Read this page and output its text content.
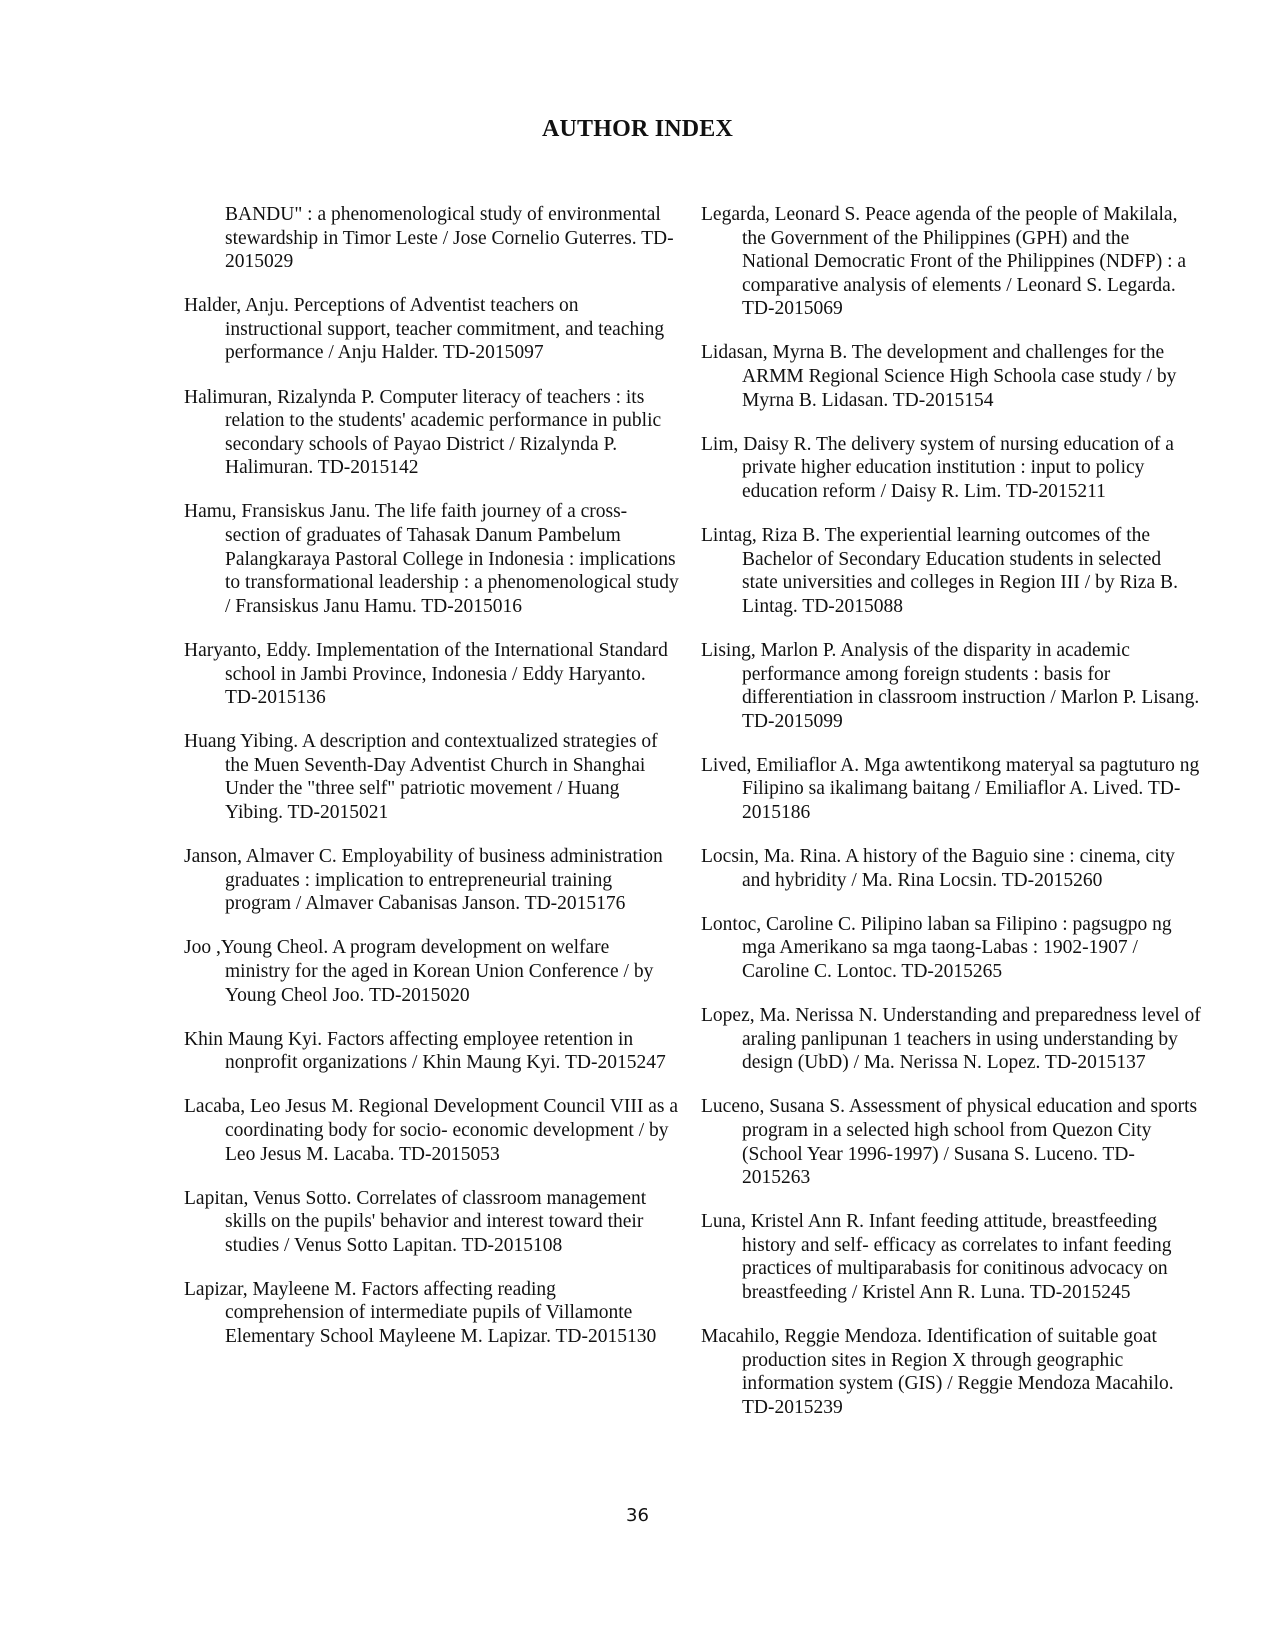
AUTHOR INDEX

BANDU" : a phenomenological study of environmental stewardship in Timor Leste / Jose Cornelio Guterres. TD-2015029

Halder, Anju. Perceptions of Adventist teachers on instructional support, teacher commitment, and teaching performance / Anju Halder. TD-2015097

Halimuran, Rizalynda P. Computer literacy of teachers : its relation to the students' academic performance in public secondary schools of Payao District / Rizalynda P. Halimuran. TD-2015142

Hamu, Fransiskus Janu. The life faith journey of a cross-section of graduates of Tahasak Danum Pambelum Palangkaraya Pastoral College in Indonesia : implications to transformational leadership : a phenomenological study / Fransiskus Janu Hamu. TD-2015016

Haryanto, Eddy. Implementation of the International Standard school in Jambi Province, Indonesia / Eddy Haryanto. TD-2015136

Huang Yibing. A description and contextualized strategies of the Muen Seventh-Day Adventist Church in Shanghai Under the "three self" patriotic movement / Huang Yibing. TD-2015021

Janson, Almaver C. Employability of business administration graduates : implication to entrepreneurial training program / Almaver Cabanisas Janson. TD-2015176

Joo ,Young Cheol. A program development on welfare ministry for the aged in Korean Union Conference / by Young Cheol Joo. TD-2015020

Khin Maung Kyi. Factors affecting employee retention in nonprofit organizations / Khin Maung Kyi. TD-2015247

Lacaba, Leo Jesus M. Regional Development Council VIII as a coordinating body for socio- economic development / by Leo Jesus M. Lacaba. TD-2015053

Lapitan, Venus Sotto. Correlates of classroom management skills on the pupils' behavior and interest toward their studies / Venus Sotto Lapitan. TD-2015108

Lapizar, Mayleene M. Factors affecting reading comprehension of intermediate pupils of Villamonte Elementary School Mayleene M. Lapizar. TD-2015130

Legarda, Leonard S. Peace agenda of the people of Makilala, the Government of the Philippines (GPH) and the National Democratic Front of the Philippines (NDFP) : a comparative analysis of elements / Leonard S. Legarda. TD-2015069

Lidasan, Myrna B. The development and challenges for the ARMM Regional Science High Schoola case study / by Myrna B. Lidasan. TD-2015154

Lim, Daisy R. The delivery system of nursing education of a private higher education institution : input to policy education reform / Daisy R. Lim. TD-2015211

Lintag, Riza B. The experiential learning outcomes of the Bachelor of Secondary Education students in selected state universities and colleges in Region III / by Riza B. Lintag. TD-2015088

Lising, Marlon P. Analysis of the disparity in academic performance among foreign students : basis for differentiation in classroom instruction / Marlon P. Lisang. TD-2015099

Lived, Emiliaflor A. Mga awtentikong materyal sa pagtuturo ng Filipino sa ikalimang baitang / Emiliaflor A. Lived. TD-2015186

Locsin, Ma. Rina. A history of the Baguio sine : cinema, city and hybridity / Ma. Rina Locsin. TD-2015260

Lontoc, Caroline C. Pilipino laban sa Filipino : pagsugpo ng mga Amerikano sa mga taong-Labas : 1902-1907 / Caroline C. Lontoc. TD-2015265

Lopez, Ma. Nerissa N. Understanding and preparedness level of araling panlipunan 1 teachers in using understanding by design (UbD) / Ma. Nerissa N. Lopez. TD-2015137

Luceno, Susana S. Assessment of physical education and sports program in a selected high school from Quezon City (School Year 1996-1997) / Susana S. Luceno. TD-2015263

Luna, Kristel Ann R. Infant feeding attitude, breastfeeding history and self- efficacy as correlates to infant feeding practices of multiparabasis for conitinous advocacy on breastfeeding / Kristel Ann R. Luna. TD-2015245

Macahilo, Reggie Mendoza. Identification of suitable goat production sites in Region X through geographic information system (GIS) / Reggie Mendoza Macahilo. TD-2015239

36
